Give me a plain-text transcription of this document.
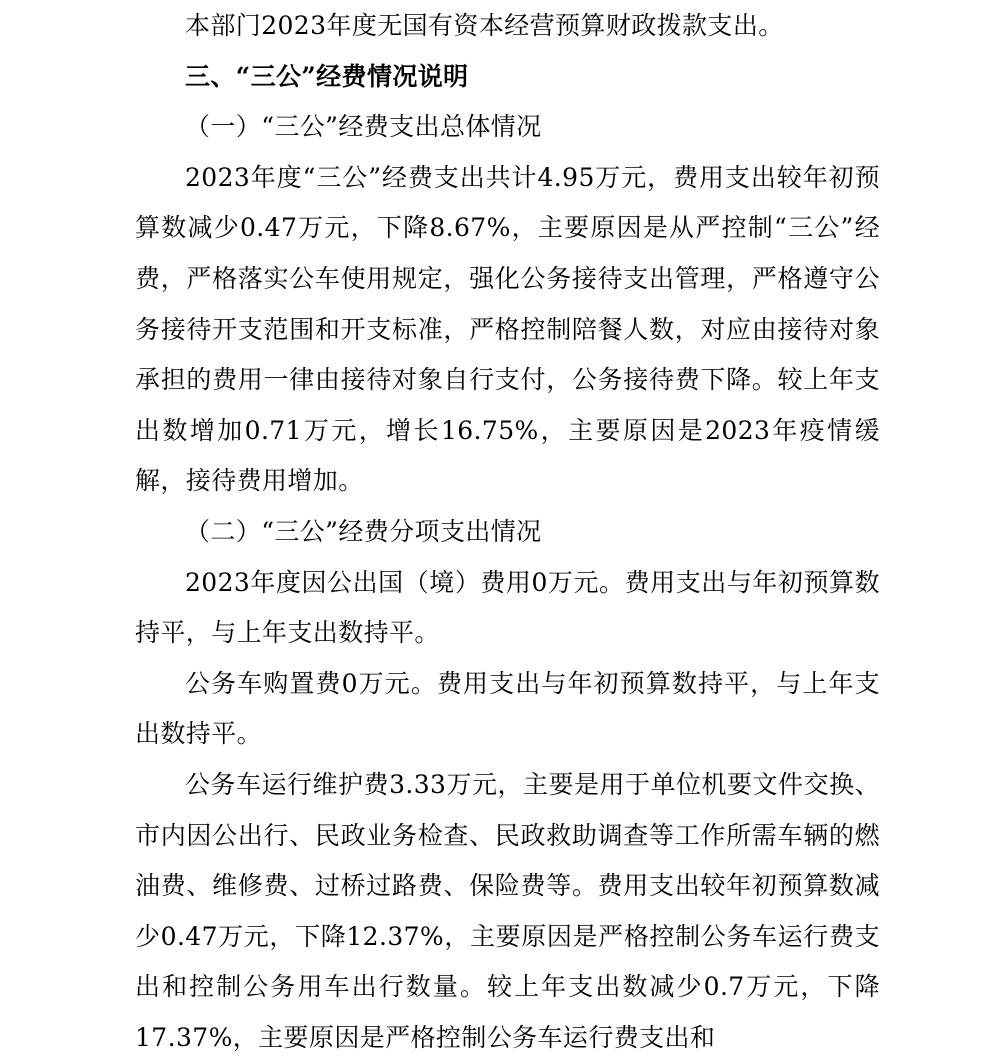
本部门2023年度无国有资本经营预算财政拨款支出。

三、“三公”经费情况说明

（一）“三公”经费支出总体情况

2023年度“三公”经费支出共计4.95万元，费用支出较年初预算数减少0.47万元，下降8.67%，主要原因是从严控制“三公”经费，严格落实公车使用规定，强化公务接待支出管理，严格遵守公务接待开支范围和开支标准，严格控制陪餐人数，对应由接待对象承担的费用一律由接待对象自行支付，公务接待费下降。较上年支出数增加0.71万元，增长16.75%，主要原因是2023年疫情缓解，接待费用增加。

（二）“三公”经费分项支出情况

2023年度因公出国（境）费用0万元。费用支出与年初预算数持平，与上年支出数持平。

公务车购置费0万元。费用支出与年初预算数持平，与上年支出数持平。

公务车运行维护费3.33万元，主要是用于单位机要文件交换、市内因公出行、民政业务检查、民政救助调查等工作所需车辆的燃油费、维修费、过桥过路费、保险费等。费用支出较年初预算数减少0.47万元，下降12.37%，主要原因是严格控制公务车运行费支出和控制公务用车出行数量。较上年支出数减少0.7万元，下降17.37%，主要原因是严格控制公务车运行费支出和
